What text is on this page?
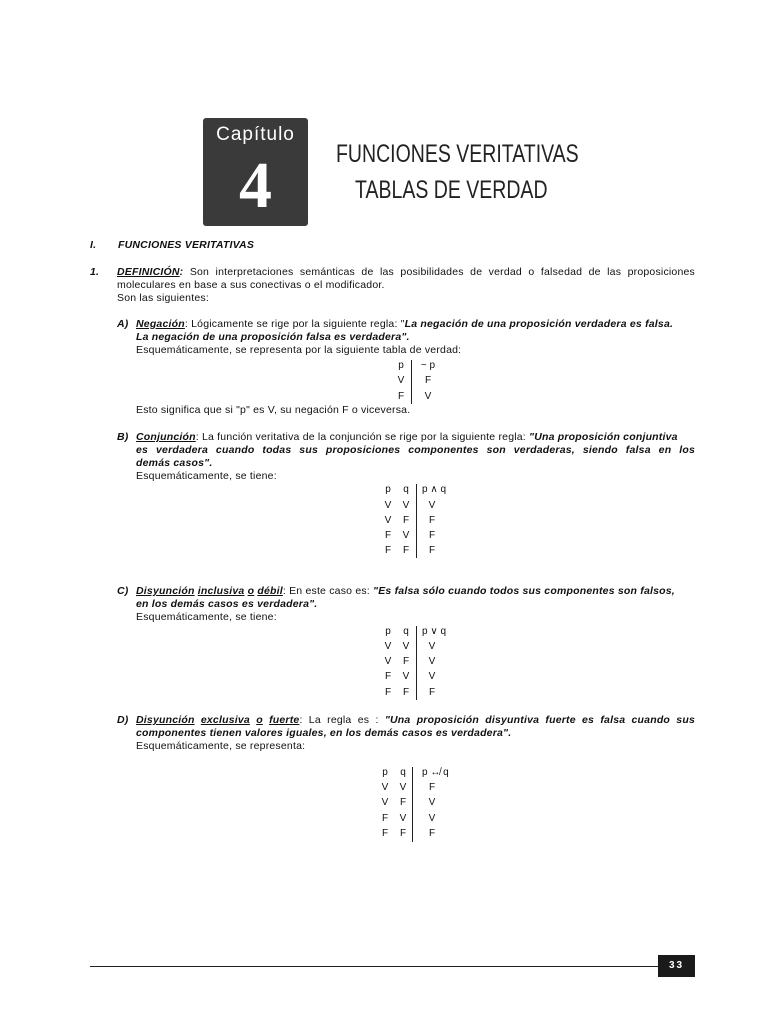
Capítulo
4	FUNCIONES VERITATIVAS
TABLAS DE VERDAD
I. FUNCIONES VERITATIVAS
1. DEFINICIÓN: Son interpretaciones semánticas de las posibilidades de verdad o falsedad de las proposiciones
moleculares en base a sus conectivas o el modificador.
Son las siguientes:
A) Negación: Lógicamente se rige por la siguiente regla: "La negación de una proposición verdadera es falsa.
La negación de una proposición falsa es verdadera".
Esquemáticamente, se representa por la siguiente tabla de verdad:
p	~ p
V	F
F	V
Esto significa que si "p" es V, su negación F o viceversa.
B) Conjunción: La función veritativa de la conjunción se rige por la siguiente regla: "Una proposición conjuntiva
es verdadera cuando todas sus proposiciones componentes son verdaderas, siendo falsa en los
demás casos".
Esquemáticamente, se tiene:
p	q	p ∧ q
V	V	V
V	F	F
F	V	F
F	F	F
C) Disyunción inclusiva o débil: En este caso es: "Es falsa sólo cuando todos sus componentes son falsos,
en los demás casos es verdadera".
Esquemáticamente, se tiene:
p	q	p ∨ q
V	V	V
V	F	V
F	V	V
F	F	F
D) Disyunción exclusiva o fuerte: La regla es : "Una proposición disyuntiva fuerte es falsa cuando sus
componentes tienen valores iguales, en los demás casos es verdadera".
Esquemáticamente, se representa:
p	q	p ↮ q
V	V	F
V	F	V
F	V	V
F	F	F
33
